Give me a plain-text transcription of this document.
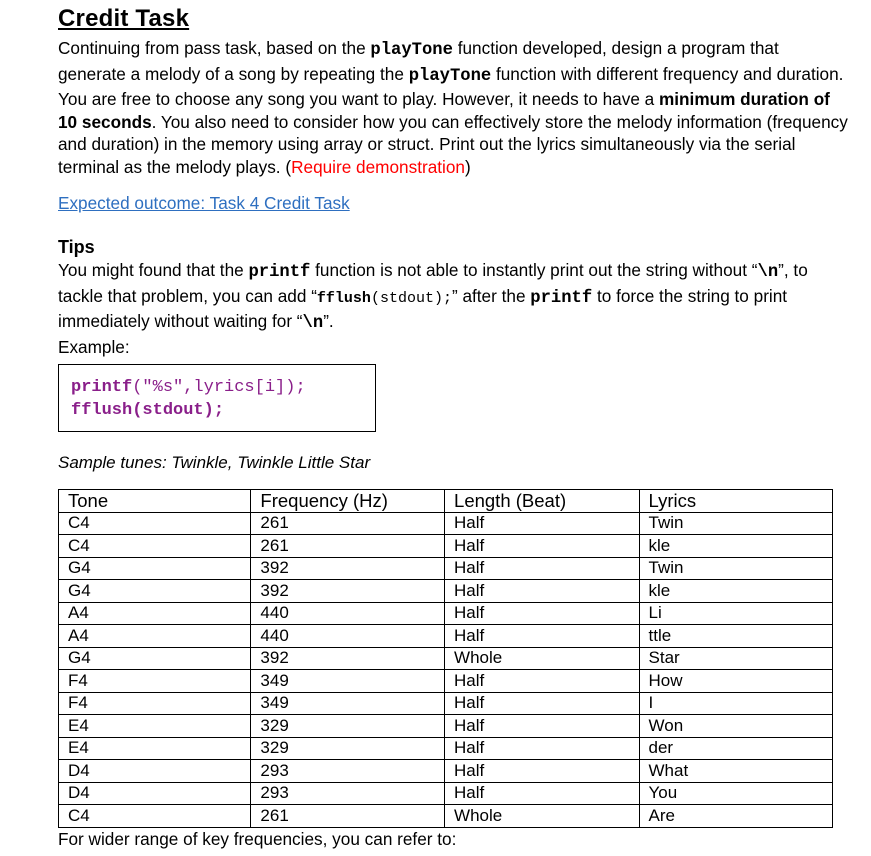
Credit Task
Continuing from pass task, based on the playTone function developed, design a program that generate a melody of a song by repeating the playTone function with different frequency and duration. You are free to choose any song you want to play. However, it needs to have a minimum duration of 10 seconds. You also need to consider how you can effectively store the melody information (frequency and duration) in the memory using array or struct. Print out the lyrics simultaneously via the serial terminal as the melody plays. (Require demonstration)
Expected outcome: Task 4 Credit Task
Tips
You might found that the printf function is not able to instantly print out the string without “\n”, to tackle that problem, you can add “fflush(stdout);” after the printf to force the string to print immediately without waiting for “\n”.
Example:
printf("%s",lyrics[i]);
fflush(stdout);
Sample tunes: Twinkle, Twinkle Little Star
Tone	Frequency (Hz)	Length (Beat)	Lyrics
C4	261	Half	Twin
C4	261	Half	kle
G4	392	Half	Twin
G4	392	Half	kle
A4	440	Half	Li
A4	440	Half	ttle
G4	392	Whole	Star
F4	349	Half	How
F4	349	Half	I
E4	329	Half	Won
E4	329	Half	der
D4	293	Half	What
D4	293	Half	You
C4	261	Whole	Are
For wider range of key frequencies, you can refer to:
